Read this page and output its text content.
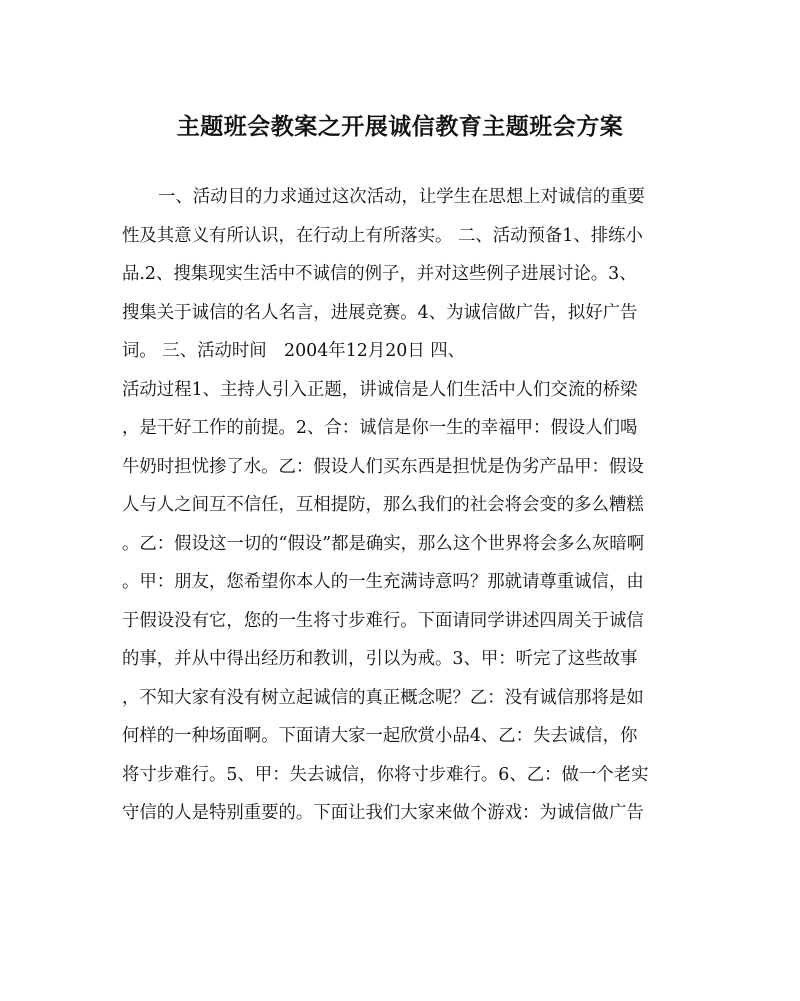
主题班会教案之开展诚信教育主题班会方案
一、活动目的力求通过这次活动，让学生在思想上对诚信的重要
性及其意义有所认识，在行动上有所落实。 二、活动预备1、排练小
品.2、搜集现实生活中不诚信的例子，并对这些例子进展讨论。3、
搜集关于诚信的名人名言，进展竞赛。4、为诚信做广告，拟好广告
词。 三、活动时间　2004年12月20日 四、
活动过程1、主持人引入正题，讲诚信是人们生活中人们交流的桥梁
，是干好工作的前提。2、合：诚信是你一生的幸福甲：假设人们喝
牛奶时担忧掺了水。乙：假设人们买东西是担忧是伪劣产品甲：假设
人与人之间互不信任，互相提防，那么我们的社会将会变的多么糟糕
。乙：假设这一切的“假设”都是确实，那么这个世界将会多么灰暗啊
。甲：朋友，您希望你本人的一生充满诗意吗？那就请尊重诚信，由
于假设没有它，您的一生将寸步难行。下面请同学讲述四周关于诚信
的事，并从中得出经历和教训，引以为戒。3、甲：听完了这些故事
，不知大家有没有树立起诚信的真正概念呢？乙：没有诚信那将是如
何样的一种场面啊。下面请大家一起欣赏小品4、乙：失去诚信，你
将寸步难行。5、甲：失去诚信，你将寸步难行。6、乙：做一个老实
守信的人是特别重要的。下面让我们大家来做个游戏：为诚信做广告
